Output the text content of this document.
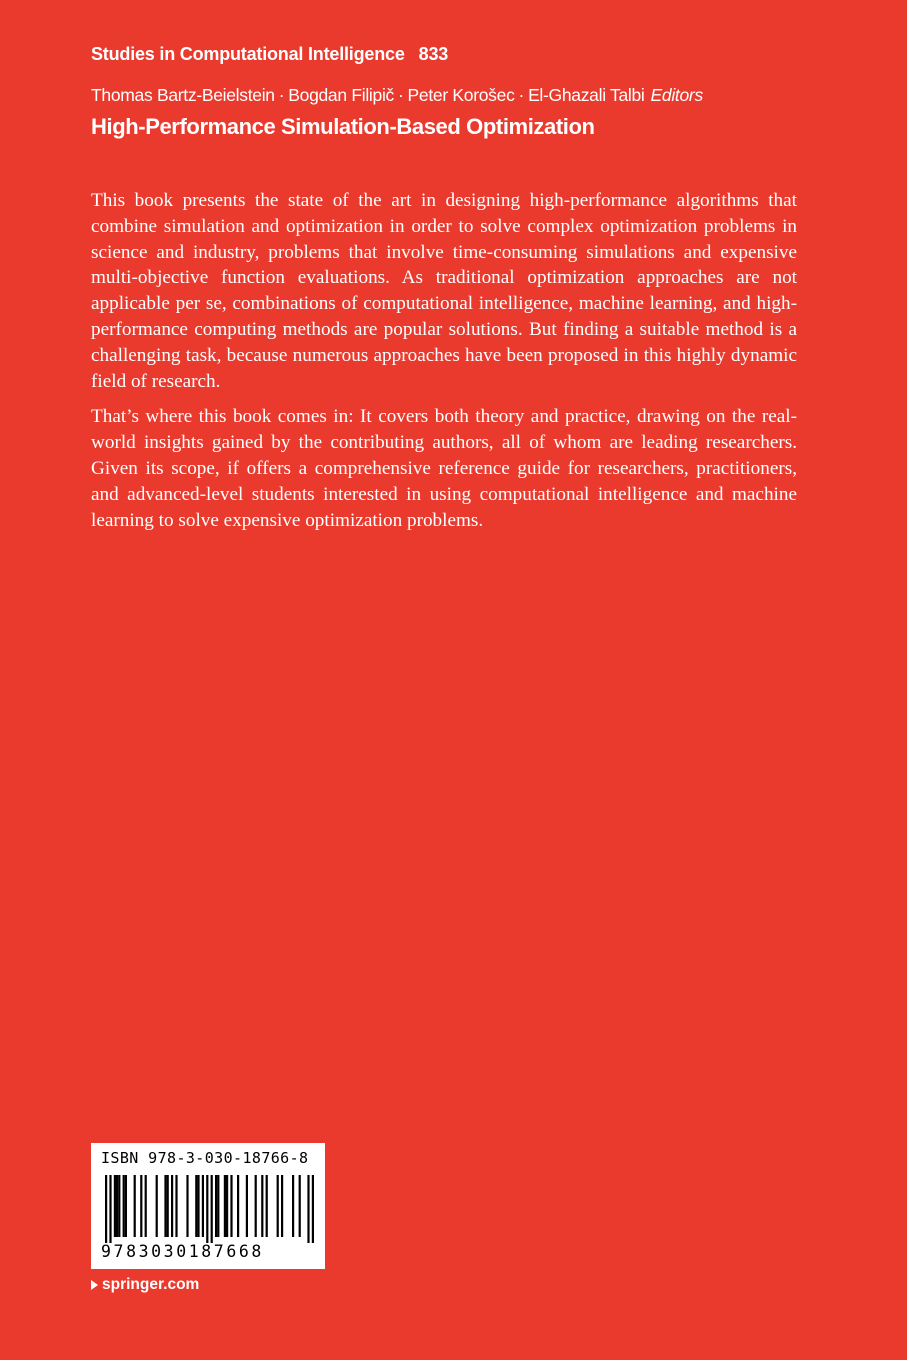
Studies in Computational Intelligence 833
Thomas Bartz-Beielstein · Bogdan Filipič · Peter Korošec · El-Ghazali Talbi Editors
High-Performance Simulation-Based Optimization

This book presents the state of the art in designing high-performance algorithms that combine simulation and optimization in order to solve complex optimization problems in science and industry, problems that involve time-consuming simulations and expensive multi-objective function evaluations. As traditional optimization approaches are not applicable per se, combinations of computational intelligence, machine learning, and high-performance computing methods are popular solutions. But finding a suitable method is a challenging task, because numerous approaches have been proposed in this highly dynamic field of research.

That’s where this book comes in: It covers both theory and practice, drawing on the real-world insights gained by the contributing authors, all of whom are leading researchers. Given its scope, if offers a comprehensive reference guide for researchers, practitioners, and advanced-level students interested in using computational intelligence and machine learning to solve expensive optimization problems.

ISBN 978-3-030-18766-8
9783030187668
springer.com
